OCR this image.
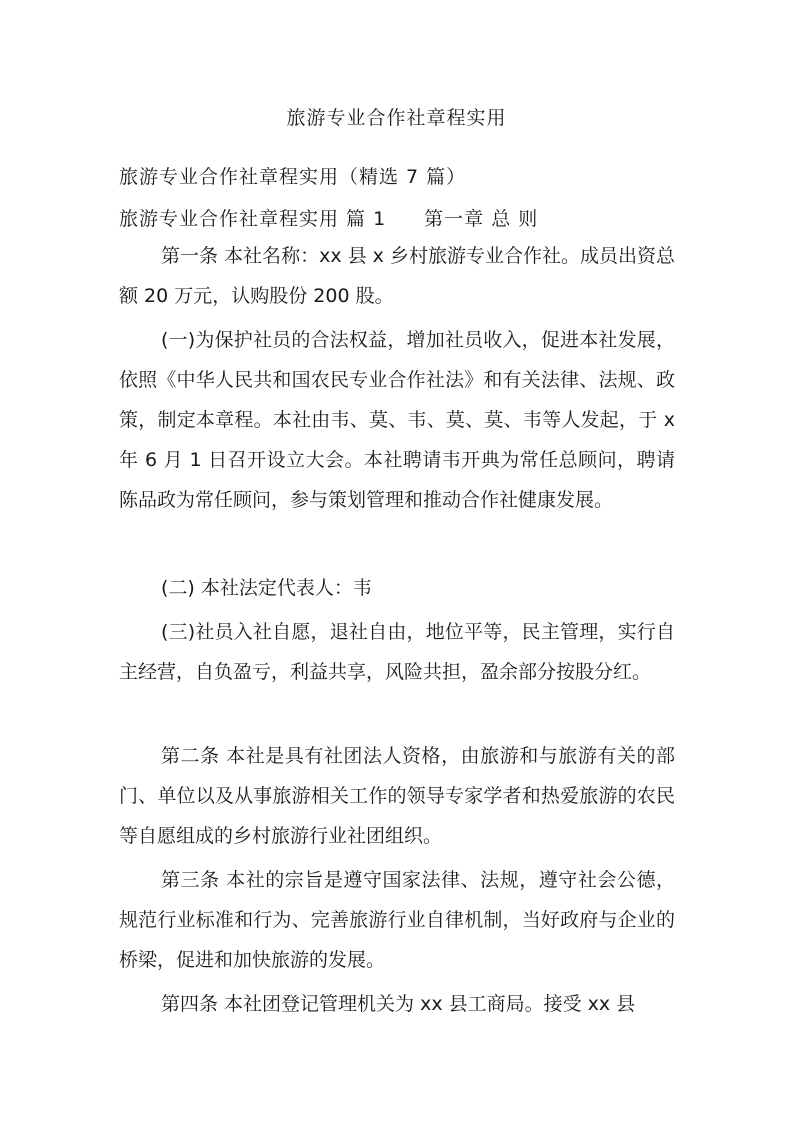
旅游专业合作社章程实用

旅游专业合作社章程实用（精选 7 篇）

旅游专业合作社章程实用 篇 1 第一章 总 则

第一条 本社名称：xx 县 x 乡村旅游专业合作社。成员出资总额 20 万元，认购股份 200 股。

(一)为保护社员的合法权益，增加社员收入，促进本社发展，依照《中华人民共和国农民专业合作社法》和有关法律、法规、政策，制定本章程。本社由韦、莫、韦、莫、莫、韦等人发起，于 x 年 6 月 1 日召开设立大会。本社聘请韦开典为常任总顾问，聘请陈品政为常任顾问，参与策划管理和推动合作社健康发展。

(二) 本社法定代表人：韦

(三)社员入社自愿，退社自由，地位平等，民主管理，实行自主经营，自负盈亏，利益共享，风险共担，盈余部分按股分红。

第二条 本社是具有社团法人资格，由旅游和与旅游有关的部门、单位以及从事旅游相关工作的领导专家学者和热爱旅游的农民等自愿组成的乡村旅游行业社团组织。

第三条 本社的宗旨是遵守国家法律、法规，遵守社会公德，规范行业标准和行为、完善旅游行业自律机制，当好政府与企业的桥梁，促进和加快旅游的发展。

第四条 本社团登记管理机关为 xx 县工商局。接受 xx 县
